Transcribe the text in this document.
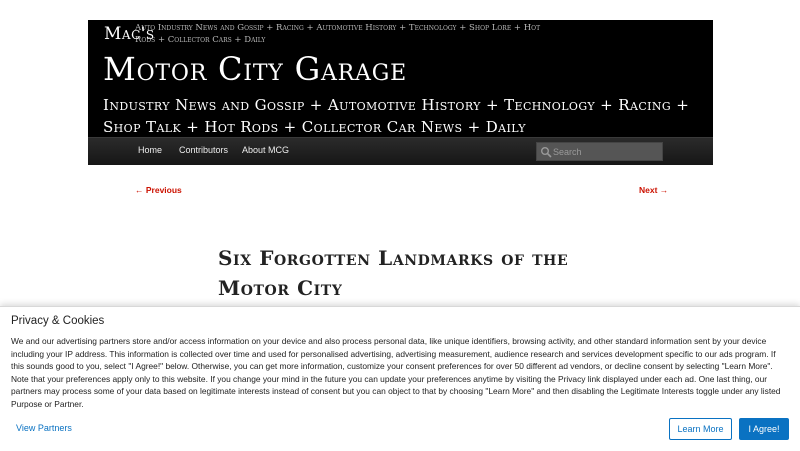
Auto Industry News and Gossip + Racing + Automotive History + Technology + Shop Lore + Hot Rods + Collector Cars + Daily
Mac's
Motor City Garage
Industry News and Gossip + Automotive History + Technology + Racing + Shop Talk + Hot Rods + Collector Car News + Daily
Home Contributors About MCG
Search
← Previous	Next →
Six Forgotten Landmarks of the
Motor City
Privacy & Cookies
We and our advertising partners store and/or access information on your device and also process personal data, like unique identifiers, browsing activity, and other standard information sent by your device including your IP address. This information is collected over time and used for personalised advertising, advertising measurement, audience research and services development specific to our ads program. If this sounds good to you, select "I Agree!" below. Otherwise, you can get more information, customize your consent preferences for over 50 different ad vendors, or decline consent by selecting "Learn More". Note that your preferences apply only to this website. If you change your mind in the future you can update your preferences anytime by visiting the Privacy link displayed under each ad. One last thing, our partners may process some of your data based on legitimate interests instead of consent but you can object to that by choosing "Learn More" and then disabling the Legitimate Interests toggle under any listed Purpose or Partner.
View Partners	Learn More	I Agree!
